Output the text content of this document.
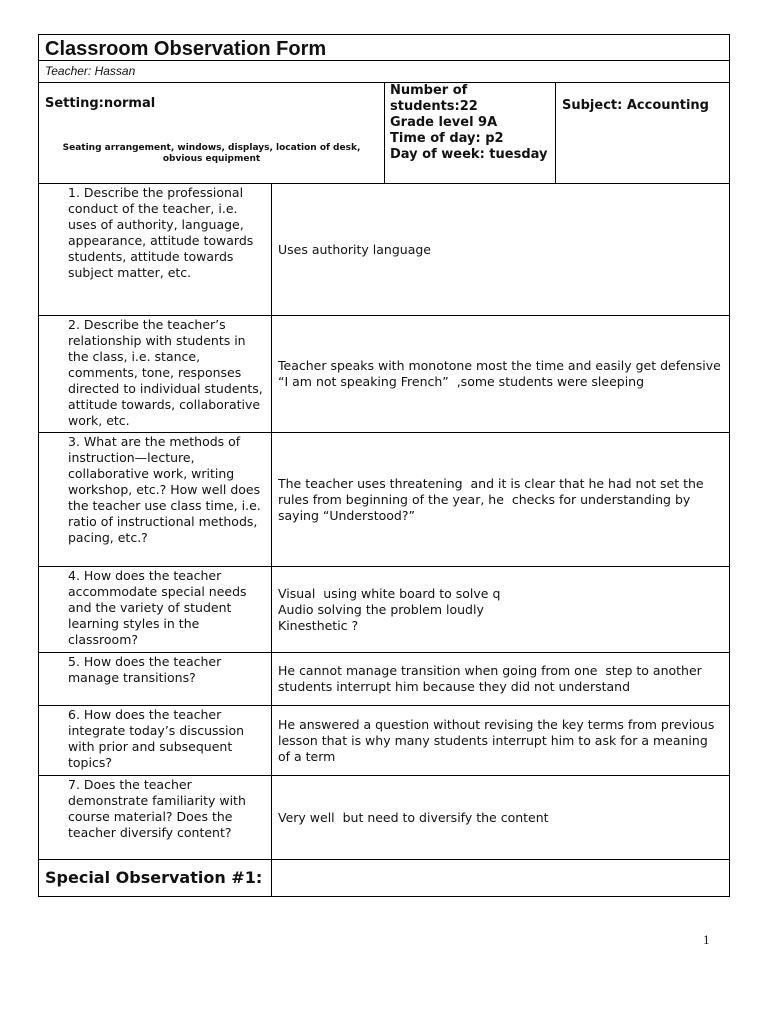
Classroom Observation Form
Teacher: Hassan
Setting:normal
Seating arrangement, windows, displays, location of desk, obvious equipment
Number of students:22
Grade level 9A
Time of day: p2
Day of week: tuesday
Subject: Accounting
1. Describe the professional conduct of the teacher, i.e. uses of authority, language, appearance, attitude towards students, attitude towards subject matter, etc.
Uses authority language
2. Describe the teacher’s relationship with students in the class, i.e. stance, comments, tone, responses directed to individual students, attitude towards, collaborative work, etc.
Teacher speaks with monotone most the time and easily get defensive “I am not speaking French”  ,some students were sleeping
3. What are the methods of instruction—lecture, collaborative work, writing workshop, etc.? How well does the teacher use class time, i.e. ratio of instructional methods, pacing, etc.?
The teacher uses threatening  and it is clear that he had not set the rules from beginning of the year, he  checks for understanding by saying “Understood?”
4. How does the teacher accommodate special needs and the variety of student learning styles in the classroom?
Visual  using white board to solve q
Audio solving the problem loudly
Kinesthetic ?
5. How does the teacher manage transitions?	He cannot manage transition when going from one  step to another students interrupt him because they did not understand
6. How does the teacher integrate today’s discussion with prior and subsequent topics?
He answered a question without revising the key terms from previous lesson that is why many students interrupt him to ask for a meaning of a term
7. Does the teacher demonstrate familiarity with course material? Does the teacher diversify content?
Very well  but need to diversify the content
Special Observation #1:
1
